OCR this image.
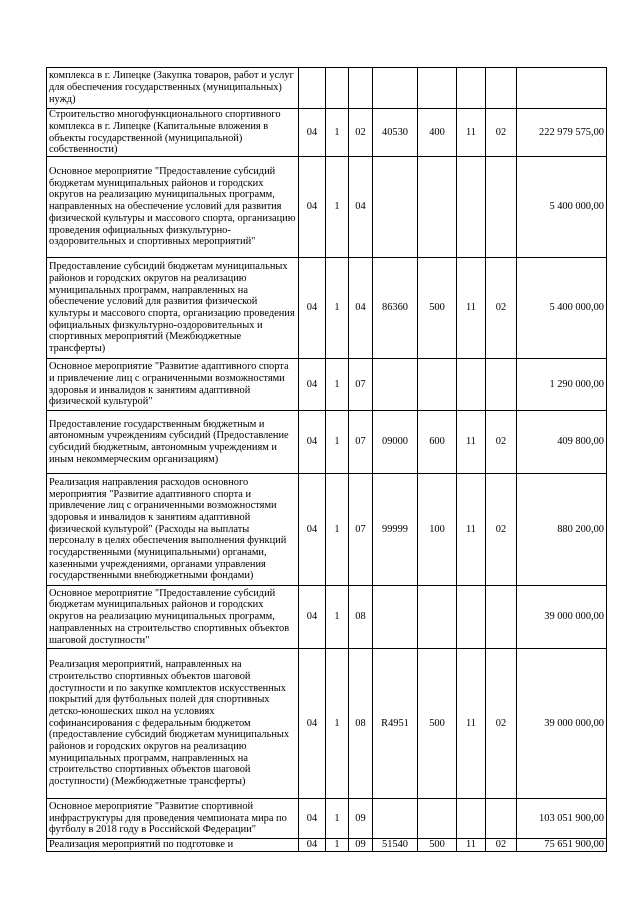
комплекса в г. Липецке (Закупка товаров, работ и услуг для обеспечения государственных (муниципальных) нужд)								
Строительство многофункционального спортивного комплекса в г. Липецке (Капитальные вложения в объекты государственной (муниципальной) собственности)	04	1	02	40530	400	11	02	222 979 575,00
Основное мероприятие "Предоставление субсидий бюджетам муниципальных районов и городских округов на реализацию муниципальных программ, направленных на обеспечение условий для развития физической культуры и массового спорта, организацию проведения официальных физкультурно-оздоровительных и спортивных мероприятий"	04	1	04					5 400 000,00
Предоставление субсидий бюджетам муниципальных районов и городских округов на реализацию муниципальных программ, направленных на обеспечение условий для развития физической культуры и массового спорта, организацию проведения официальных физкультурно-оздоровительных и спортивных мероприятий (Межбюджетные трансферты)	04	1	04	86360	500	11	02	5 400 000,00
Основное мероприятие "Развитие адаптивного спорта и привлечение лиц с ограниченными возможностями здоровья и инвалидов к занятиям адаптивной физической культурой"	04	1	07					1 290 000,00
Предоставление государственным бюджетным и автономным учреждениям субсидий (Предоставление субсидий бюджетным, автономным учреждениям и иным некоммерческим организациям)	04	1	07	09000	600	11	02	409 800,00
Реализация направления расходов основного мероприятия "Развитие адаптивного спорта и привлечение лиц с ограниченными возможностями здоровья и инвалидов к занятиям адаптивной физической культурой" (Расходы на выплаты персоналу в целях обеспечения выполнения функций государственными (муниципальными) органами, казенными учреждениями, органами управления государственными внебюджетными фондами)	04	1	07	99999	100	11	02	880 200,00
Основное мероприятие "Предоставление субсидий бюджетам муниципальных районов и городских округов на реализацию муниципальных программ, направленных на строительство спортивных объектов шаговой доступности"	04	1	08					39 000 000,00
Реализация мероприятий, направленных на строительство спортивных объектов шаговой доступности и по закупке комплектов искусственных покрытий для футбольных полей для спортивных детско-юношеских школ на условиях софинансирования с федеральным бюджетом (предоставление субсидий бюджетам муниципальных районов и городских округов на реализацию муниципальных программ, направленных на строительство спортивных объектов шаговой доступности) (Межбюджетные трансферты)	04	1	08	R4951	500	11	02	39 000 000,00
Основное мероприятие "Развитие спортивной инфраструктуры для проведения чемпионата мира по футболу в 2018 году в Российской Федерации"	04	1	09					103 051 900,00
Реализация мероприятий по подготовке и	04	1	09	51540	500	11	02	75 651 900,00
